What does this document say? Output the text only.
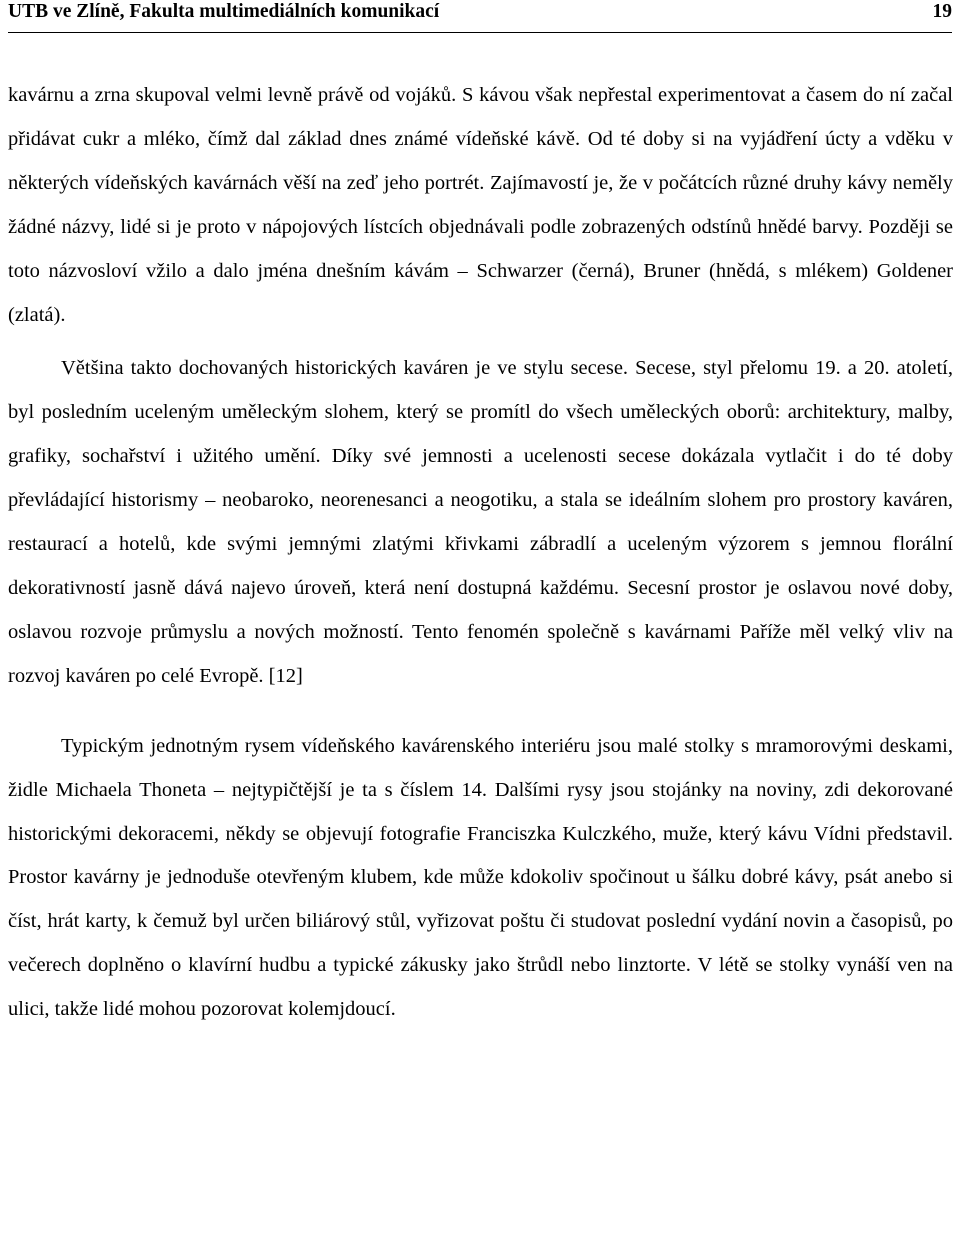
UTB ve Zlíně, Fakulta multimediálních komunikací	19

kavárnu a zrna skupoval velmi levně právě od vojáků. S kávou však nepřestal experimentovat a časem do ní začal přidávat cukr a mléko, čímž dal základ dnes známé vídeňské kávě. Od té doby si na vyjádření úcty a vděku v některých vídeňských kavárnách věší na zeď jeho portrét. Zajímavostí je, že v počátcích různé druhy kávy neměly žádné názvy, lidé si je proto v nápojových lístcích objednávali podle zobrazených odstínů hnědé barvy. Později se toto názvosloví vžilo a dalo jména dnešním kávám – Schwarzer (černá), Bruner (hnědá, s mlékem) Goldener (zlatá).

Většina takto dochovaných historických kaváren je ve stylu secese. Secese, styl přelomu 19. a 20. atoletí, byl posledním uceleným uměleckým slohem, který se promítl do všech uměleckých oborů: architektury, malby, grafiky, sochařství i užitého umění. Díky své jemnosti a ucelenosti secese dokázala vytlačit i do té doby převládající historismy – neobaroko, neorenesanci a neogotiku, a stala se ideálním slohem pro prostory kaváren, restaurací a hotelů, kde svými jemnými zlatými křivkami zábradlí a uceleným výzorem s jemnou florální dekorativností jasně dává najevo úroveň, která není dostupná každému. Secesní prostor je oslavou nové doby, oslavou rozvoje průmyslu a nových možností. Tento fenomén společně s kavárnami Paříže měl velký vliv na rozvoj kaváren po celé Evropě. [12]

Typickým jednotným rysem vídeňského kavárenského interiéru jsou malé stolky s mramorovými deskami, židle Michaela Thoneta – nejtypičtější je ta s číslem 14. Dalšími rysy jsou stojánky na noviny, zdi dekorované historickými dekoracemi, někdy se objevují fotografie Franciszka Kulczkého, muže, který kávu Vídni představil. Prostor kavárny je jednoduše otevřeným klubem, kde může kdokoliv spočinout u šálku dobré kávy, psát anebo si číst, hrát karty, k čemuž byl určen biliárový stůl, vyřizovat poštu či studovat poslední vydání novin a časopisů, po večerech doplněno o klavírní hudbu a typické zákusky jako štrůdl nebo linztorte. V létě se stolky vynáší ven na ulici, takže lidé mohou pozorovat kolemjdoucí.
